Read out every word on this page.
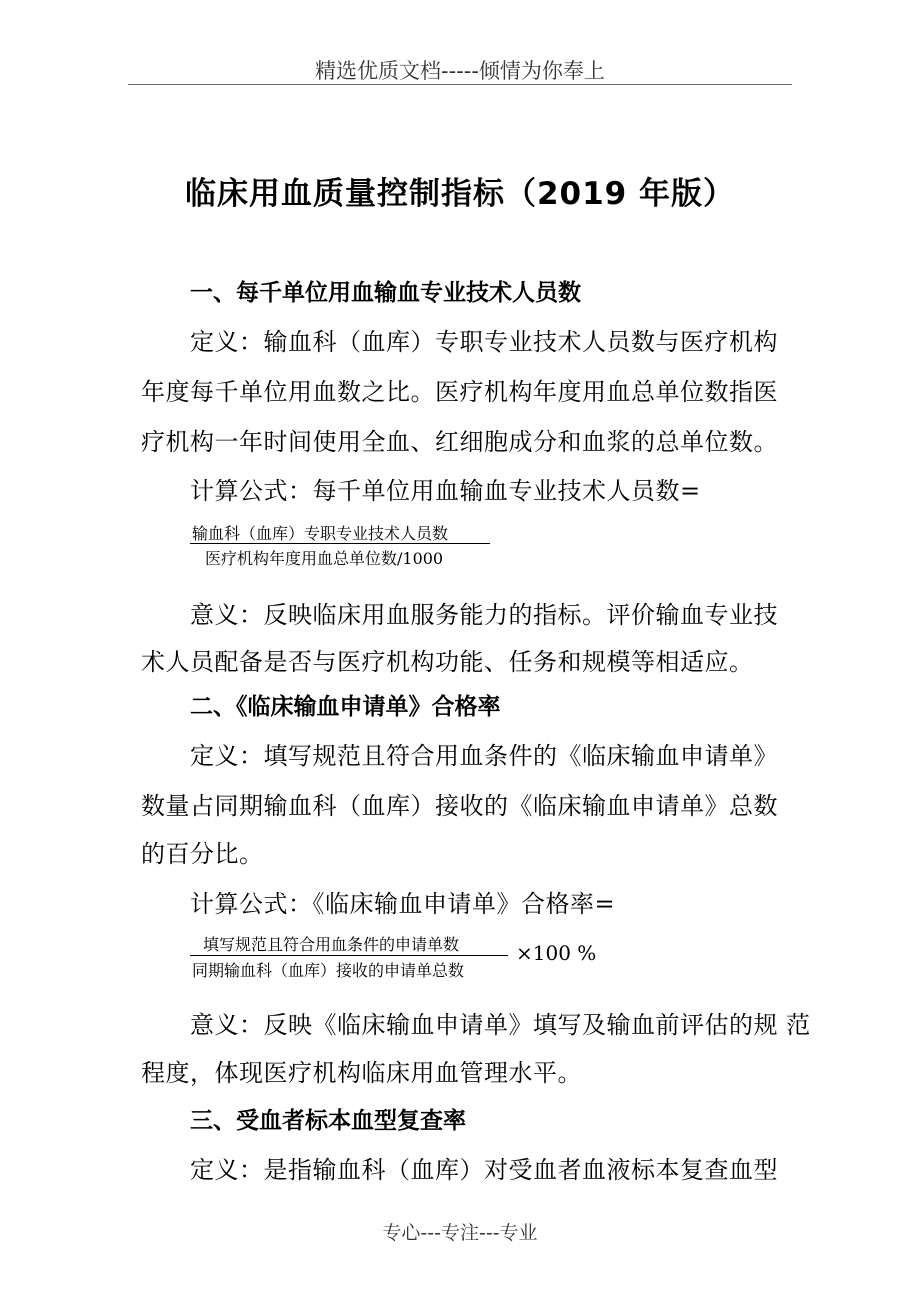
精选优质文档-----倾情为你奉上
临床用血质量控制指标（2019 年版）
一、每千单位用血输血专业技术人员数
定义：输血科（血库）专职专业技术人员数与医疗机构
年度每千单位用血数之比。医疗机构年度用血总单位数指医
疗机构一年时间使用全血、红细胞成分和血浆的总单位数。
计算公式：每千单位用血输血专业技术人员数=
输血科（血库）专职专业技术人员数
医疗机构年度用血总单位数/1000
意义：反映临床用血服务能力的指标。评价输血专业技
术人员配备是否与医疗机构功能、任务和规模等相适应。
二、《临床输血申请单》合格率
定义：填写规范且符合用血条件的《临床输血申请单》
数量占同期输血科（血库）接收的《临床输血申请单》总数
的百分比。
计算公式：《临床输血申请单》合格率=
填写规范且符合用血条件的申请单数
同期输血科（血库）接收的申请单总数
×100 %
意义：反映《临床输血申请单》填写及输血前评估的规 范
程度，体现医疗机构临床用血管理水平。
三、受血者标本血型复查率
定义：是指输血科（血库）对受血者血液标本复查血型
专心---专注---专业
